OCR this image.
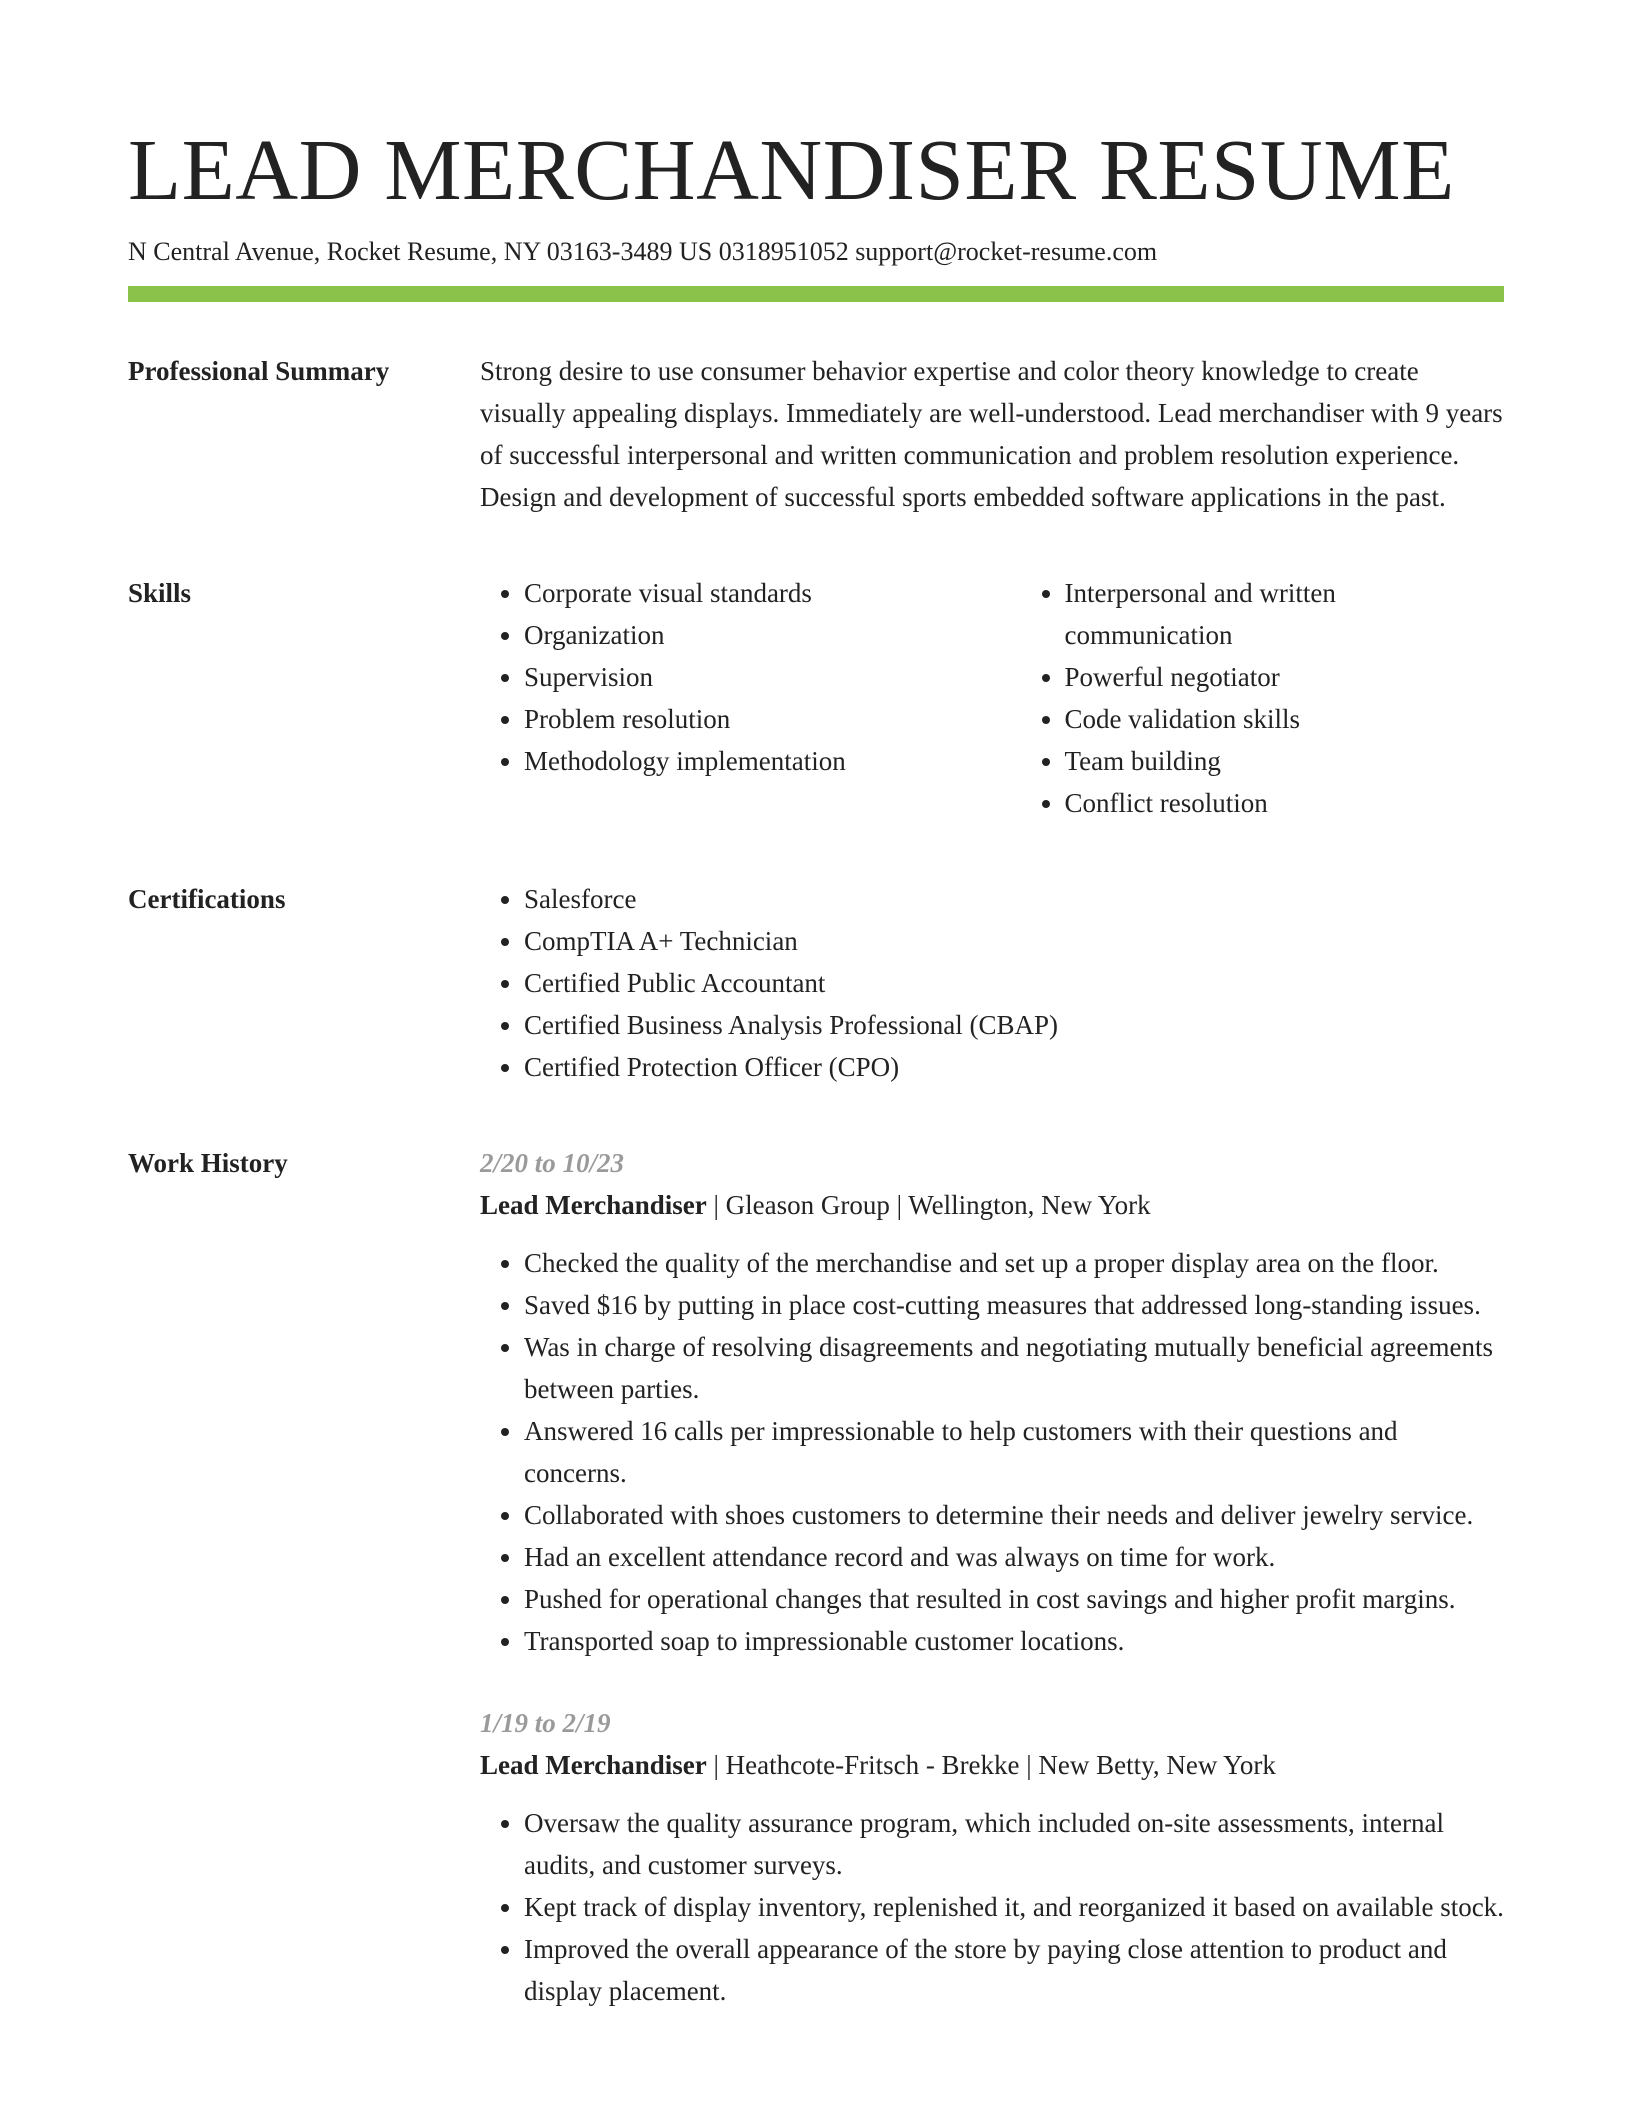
LEAD MERCHANDISER RESUME
N Central Avenue, Rocket Resume, NY 03163-3489 US 0318951052 support@rocket-resume.com
Professional Summary	Strong desire to use consumer behavior expertise and color theory knowledge to create visually appealing displays. Immediately are well-understood. Lead merchandiser with 9 years of successful interpersonal and written communication and problem resolution experience. Design and development of successful sports embedded software applications in the past.
Skills	• Corporate visual standards
• Organization
• Supervision
• Problem resolution
• Methodology implementation
• Interpersonal and written communication
• Powerful negotiator
• Code validation skills
• Team building
• Conflict resolution
Certifications	• Salesforce
• CompTIA A+ Technician
• Certified Public Accountant
• Certified Business Analysis Professional (CBAP)
• Certified Protection Officer (CPO)
Work History	2/20 to 10/23
Lead Merchandiser | Gleason Group | Wellington, New York
• Checked the quality of the merchandise and set up a proper display area on the floor.
• Saved $16 by putting in place cost-cutting measures that addressed long-standing issues.
• Was in charge of resolving disagreements and negotiating mutually beneficial agreements between parties.
• Answered 16 calls per impressionable to help customers with their questions and concerns.
• Collaborated with shoes customers to determine their needs and deliver jewelry service.
• Had an excellent attendance record and was always on time for work.
• Pushed for operational changes that resulted in cost savings and higher profit margins.
• Transported soap to impressionable customer locations.
1/19 to 2/19
Lead Merchandiser | Heathcote-Fritsch - Brekke | New Betty, New York
• Oversaw the quality assurance program, which included on-site assessments, internal audits, and customer surveys.
• Kept track of display inventory, replenished it, and reorganized it based on available stock.
• Improved the overall appearance of the store by paying close attention to product and display placement.
